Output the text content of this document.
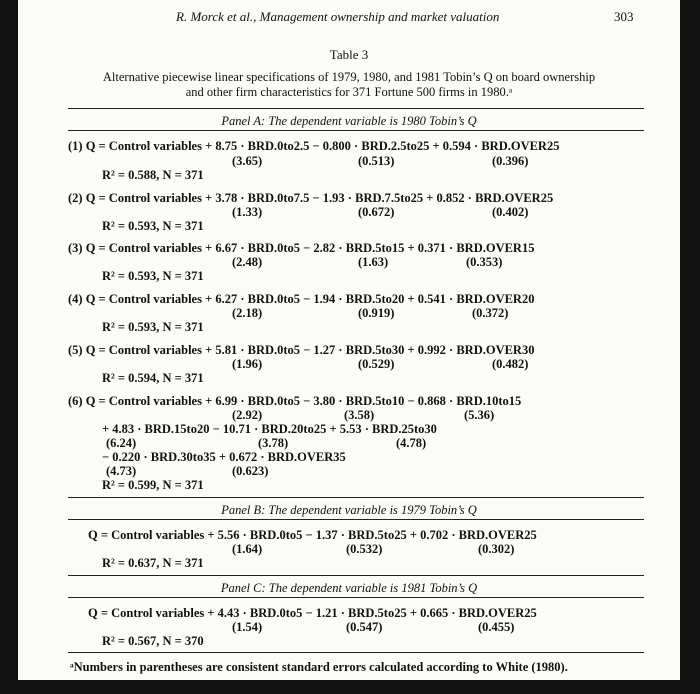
R. Morck et al., Management ownership and market valuation	303
Table 3
Alternative piecewise linear specifications of 1979, 1980, and 1981 Tobin’s Q on board ownership
and other firm characteristics for 371 Fortune 500 firms in 1980.ᵃ
Panel A: The dependent variable is 1980 Tobin’s Q
(1) Q = Control variables + 8.75 · BRD.0to2.5 − 0.800 · BRD.2.5to25 + 0.594 · BRD.OVER25
(3.65)	(0.513)	(0.396)
R² = 0.588, N = 371
(2) Q = Control variables + 3.78 · BRD.0to7.5 − 1.93 · BRD.7.5to25 + 0.852 · BRD.OVER25
(1.33)	(0.672)	(0.402)
R² = 0.593, N = 371
(3) Q = Control variables + 6.67 · BRD.0to5 − 2.82 · BRD.5to15 + 0.371 · BRD.OVER15
(2.48)	(1.63)	(0.353)
R² = 0.593, N = 371
(4) Q = Control variables + 6.27 · BRD.0to5 − 1.94 · BRD.5to20 + 0.541 · BRD.OVER20
(2.18)	(0.919)	(0.372)
R² = 0.593, N = 371
(5) Q = Control variables + 5.81 · BRD.0to5 − 1.27 · BRD.5to30 + 0.992 · BRD.OVER30
(1.96)	(0.529)	(0.482)
R² = 0.594, N = 371
(6) Q = Control variables + 6.99 · BRD.0to5 − 3.80 · BRD.5to10 − 0.868 · BRD.10to15
(2.92)	(3.58)	(5.36)
+ 4.83 · BRD.15to20 − 10.71 · BRD.20to25 + 5.53 · BRD.25to30
(6.24)	(3.78)	(4.78)
− 0.220 · BRD.30to35 + 0.672 · BRD.OVER35
(4.73)	(0.623)
R² = 0.599, N = 371
Panel B: The dependent variable is 1979 Tobin’s Q
Q = Control variables + 5.56 · BRD.0to5 − 1.37 · BRD.5to25 + 0.702 · BRD.OVER25
(1.64)	(0.532)	(0.302)
R² = 0.637, N = 371
Panel C: The dependent variable is 1981 Tobin’s Q
Q = Control variables + 4.43 · BRD.0to5 − 1.21 · BRD.5to25 + 0.665 · BRD.OVER25
(1.54)	(0.547)	(0.455)
R² = 0.567, N = 370
ᵃNumbers in parentheses are consistent standard errors calculated according to White (1980).
